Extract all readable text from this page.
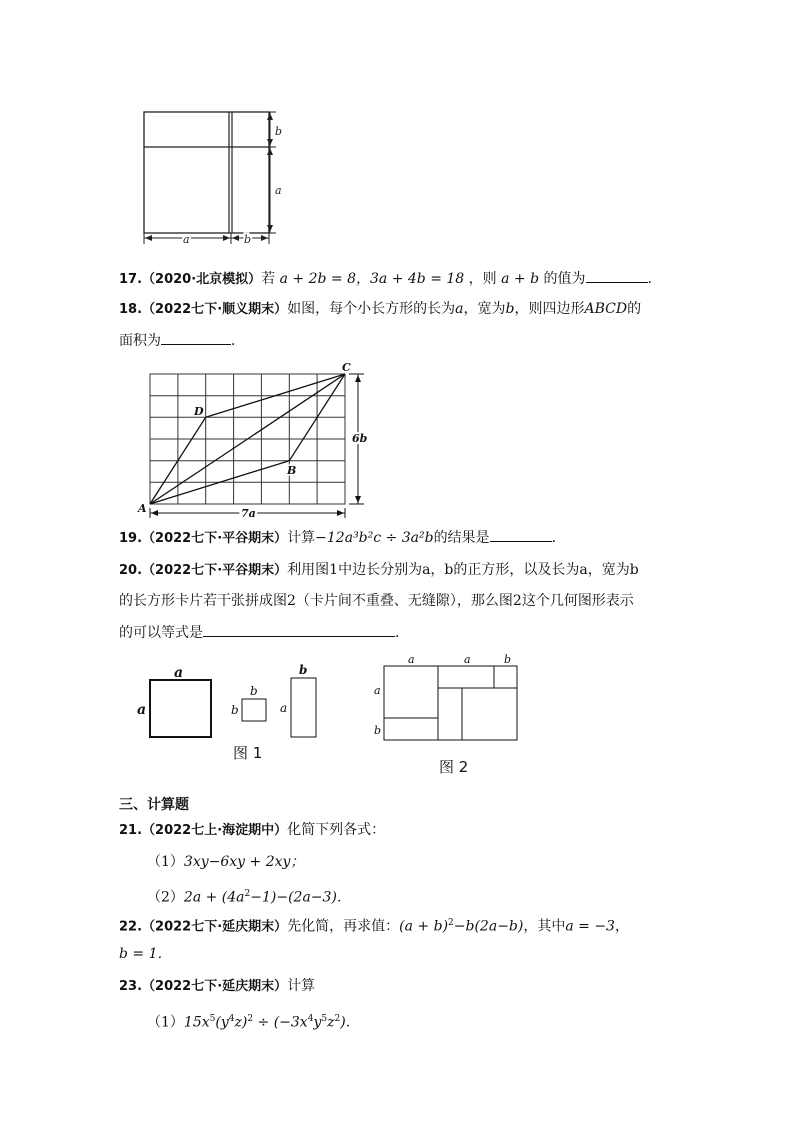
b
a
a	b
17.（2020·北京模拟）若 a + 2b = 8，3a + 4b = 18 ，则 a + b 的值为	.
18.（2022七下·顺义期末）如图，每个小长方形的长为a，宽为b，则四边形ABCD的
面积为	．
6b
7a
A
B
C
D
19.（2022七下·平谷期末）计算−12a³b²c ÷ 3a²b的结果是	．
20.（2022七下·平谷期末）利用图1中边长分别为a，b的正方形，以及长为a，宽为b
的长方形卡片若干张拼成图2（卡片间不重叠、无缝隙），那么图2这个几何图形表示
的可以等式是	．
a
a
b
b
b
a
图 1
a	a	b
a
b
图 2
三、计算题
21.（2022七上·海淀期中）化简下列各式：
（1）3xy−6xy + 2xy；
$(2)2a + (4a^2-1)-(2a-3)$．
22.（2022七下·延庆期末）先化简，再求值：$(a + b)^2-b(2a-b)$，其中a = −3，
b = 1．
23.（2022七下·延庆期末）计算
$(1)15x^5(y^4z)^2 \div (-3x^4y^5z^2)$．
